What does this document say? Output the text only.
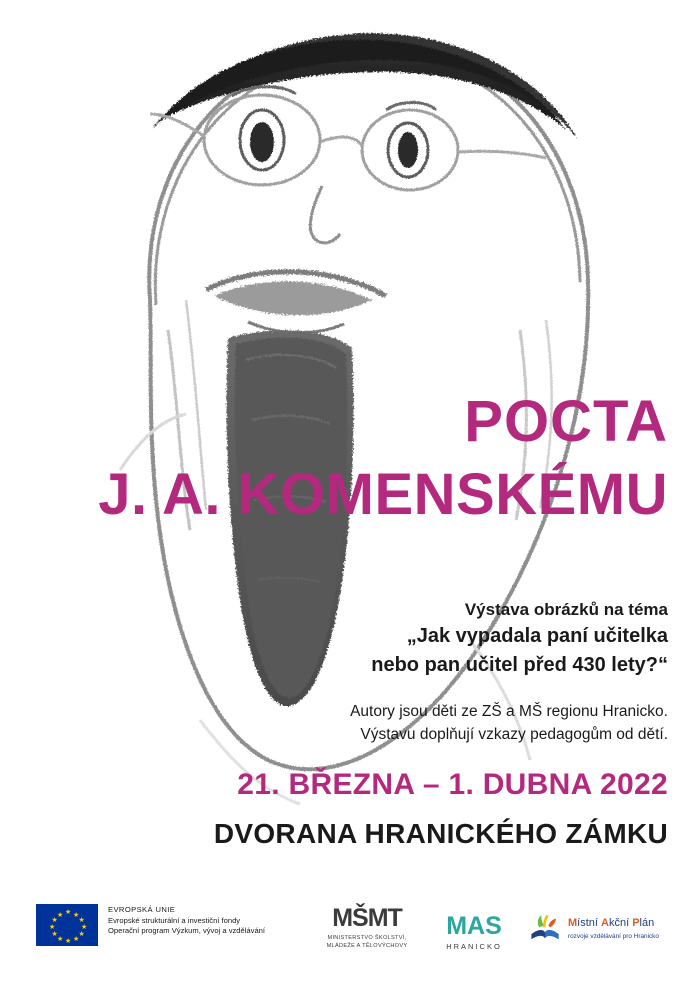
POCTA

J. A. KOMENSKÉMU

Výstava obrázků na téma

„Jak vypadala paní učitelka

nebo pan učitel před 430 lety?“

Autory jsou děti ze ZŠ a MŠ regionu Hranicko.

Výstavu doplňují vzkazy pedagogům od dětí.

21. BŘEZNA – 1. DUBNA 2022

DVORANA HRANICKÉHO ZÁMKU

★ ★
★
★
★
★
★
★
★
★
★
★

EVROPSKÁ UNIE

Evropské strukturální a investiční fondy

Operační program Výzkum, vývoj a vzdělávání	MŠMT

MINISTERSTVO ŠKOLSTVÍ,

MLÁDEŽE A TĚLOVÝCHOVY

MAS

HRANICKO

Místní Akční Plán

rozvoje vzdělávání pro Hranicko
